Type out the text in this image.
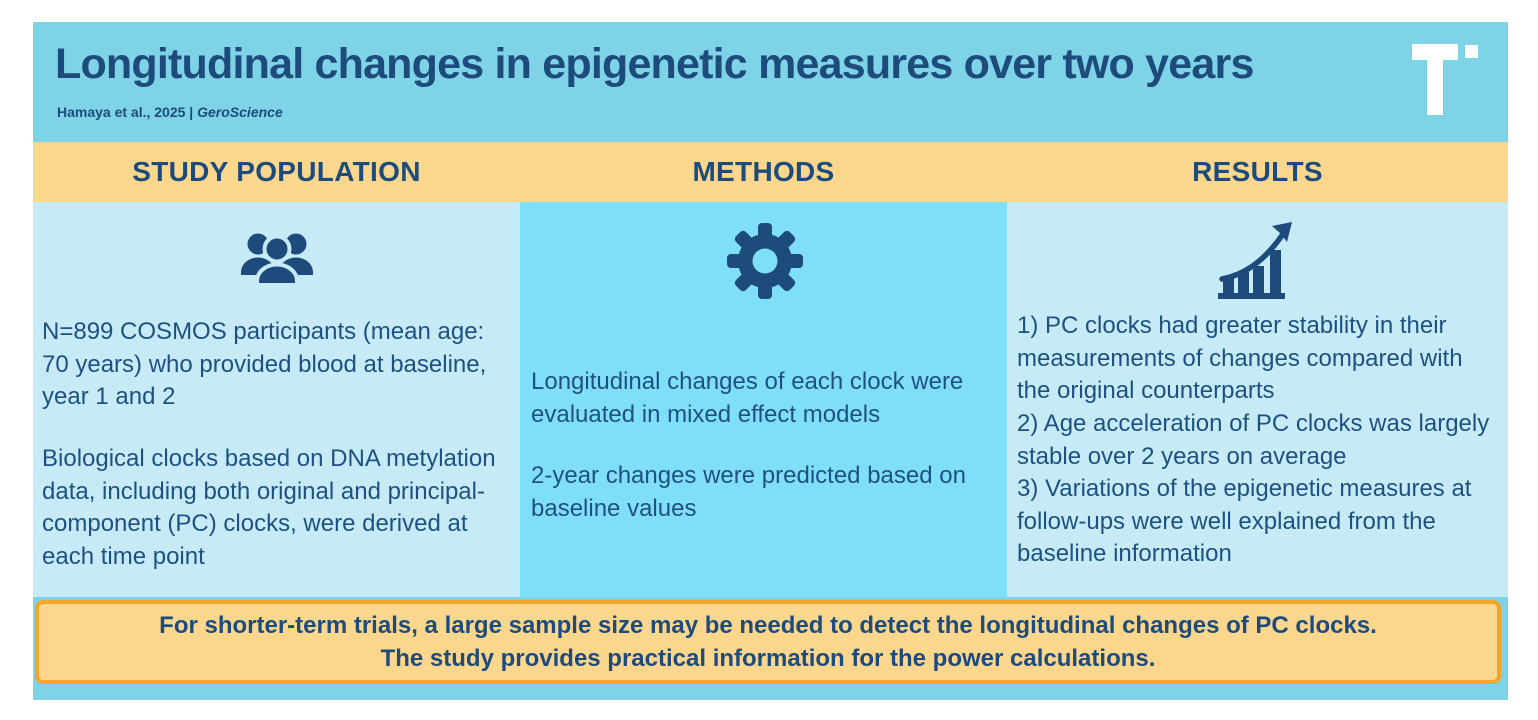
Longitudinal changes in epigenetic measures over two years
Hamaya et al., 2025 | GeroScience
STUDY POPULATION	METHODS	RESULTS

N=899 COSMOS participants (mean age: 70 years) who provided blood at baseline, year 1 and 2

Biological clocks based on DNA metylation data, including both original and principal-component (PC) clocks, were derived at each time point

Longitudinal changes of each clock were evaluated in mixed effect models

2-year changes were predicted based on baseline values

1) PC clocks had greater stability in their measurements of changes compared with the original counterparts

2) Age acceleration of PC clocks was largely stable over 2 years on average

3) Variations of the epigenetic measures at follow-ups were well explained from the baseline information

For shorter-term trials, a large sample size may be needed to detect the longitudinal changes of PC clocks.
The study provides practical information for the power calculations.
